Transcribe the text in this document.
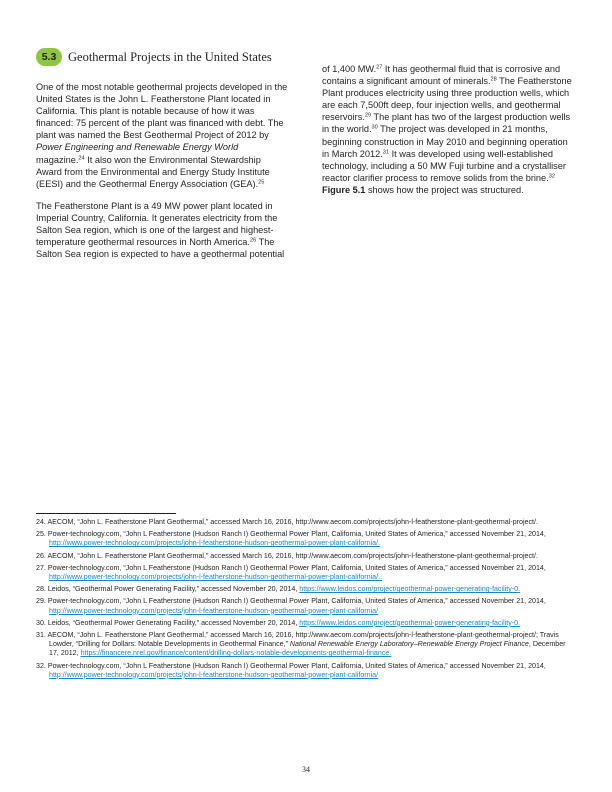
5.3 Geothermal Projects in the United States

One of the most notable geothermal projects developed in the United States is the John L. Featherstone Plant located in California. This plant is notable because of how it was financed: 75 percent of the plant was financed with debt. The plant was named the Best Geothermal Project of 2012 by Power Engineering and Renewable Energy World magazine.$^{24}$ It also won the Environmental Stewardship Award from the Environmental and Energy Study Institute (EESI) and the Geothermal Energy Association (GEA).$^{25}$

The Featherstone Plant is a 49 MW power plant located in Imperial Country, California. It generates electricity from the Salton Sea region, which is one of the largest and highest-temperature geothermal resources in North America.$^{26}$ The Salton Sea region is expected to have a geothermal potential

of 1,400 MW.$^{27}$ It has geothermal fluid that is corrosive and contains a significant amount of minerals.$^{28}$ The Featherstone Plant produces electricity using three production wells, which are each 7,500ft deep, four injection wells, and geothermal reservoirs.$^{29}$ The plant has two of the largest production wells in the world.$^{30}$ The project was developed in 21 months, beginning construction in May 2010 and beginning operation in March 2012.31 It was developed using well-established technology, including a 50 MW Fuji turbine and a crystalliser reactor clarifier process to remove solids from the brine.$^{32}$ Figure 5.1 shows how the project was structured.

24. AECOM, “John L. Featherstone Plant Geothermal,” accessed March 16, 2016, http://www.aecom.com/projects/john-l-featherstone-plant-geothermal-project/.

25. Power-technology.com, “John L Featherstone (Hudson Ranch I) Geothermal Power Plant, California, United States of America,” accessed November 21, 2014, http://www.power-technology.com/projects/john-l-featherstone-hudson-geothermal-power-plant-california/.

26. AECOM, “John L. Featherstone Plant Geothermal,” accessed March 16, 2016, http://www.aecom.com/projects/john-l-featherstone-plant-geothermal-project/.

27. Power-technology.com, “John L Featherstone (Hudson Ranch I) Geothermal Power Plant, California, United States of America,” accessed November 21, 2014, http://www.power-technology.com/projects/john-l-featherstone-hudson-geothermal-power-plant-california/..

28. Leidos, “Geothermal Power Generating Facility,” accessed November 20, 2014, https://www.leidos.com/project/geothermal-power-generating-facility-0.

29. Power-technology.com, “John L Featherstone (Hudson Ranch I) Geothermal Power Plant, California, United States of America,” accessed November 21, 2014, http://www.power-technology.com/projects/john-l-featherstone-hudson-geothermal-power-plant-california/

30. Leidos, “Geothermal Power Generating Facility,” accessed November 20, 2014, https://www.leidos.com/project/geothermal-power-generating-facility-0.

31. AECOM, “John L. Featherstone Plant Geothermal,” accessed March 16, 2016, http://www.aecom.com/projects/john-l-featherstone-plant-geothermal-project/; Travis Lowder, “Drilling for Dollars: Notable Developments in Geothermal Finance,” National Renewable Energy Laboratory–Renewable Energy Project Finance, December 17, 2012, https://financere.nrel.gov/finance/content/drilling-dollars-notable-developments-geothermal-finance.

32. Power-technology.com, “John L Featherstone (Hudson Ranch I) Geothermal Power Plant, California, United States of America,” accessed November 21, 2014, http://www.power-technology.com/projects/john-l-featherstone-hudson-geothermal-power-plant-california/

34
